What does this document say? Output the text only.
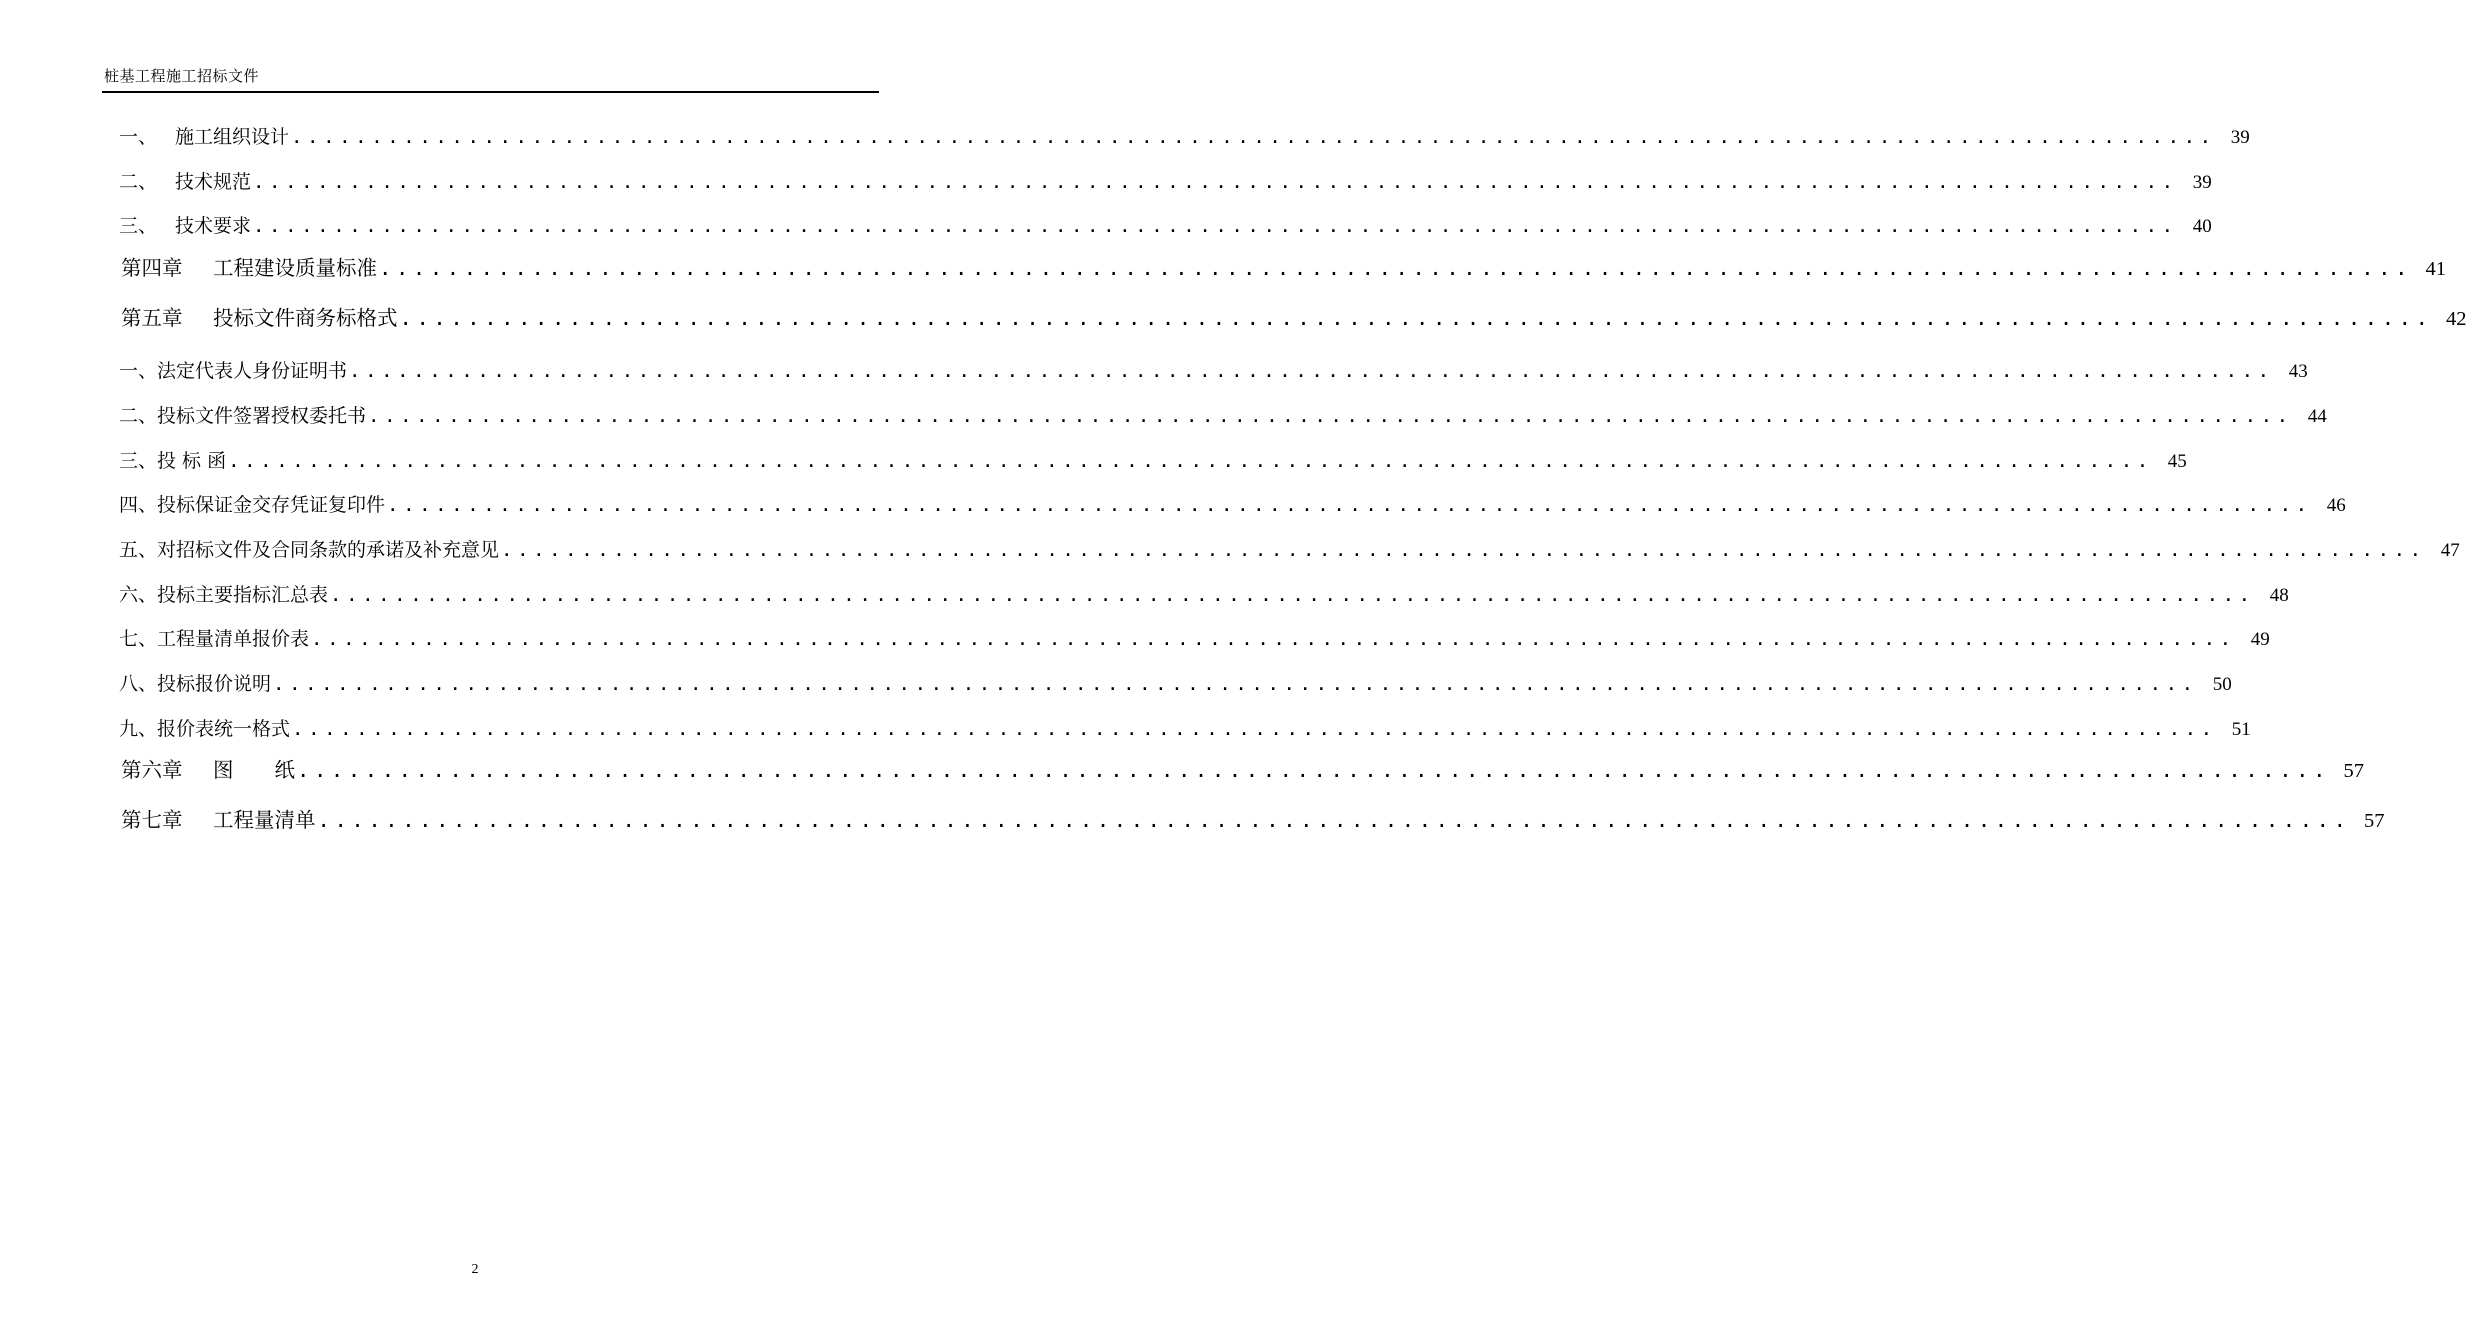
桩基工程施工招标文件
一、 施工组织设计 ........................................................................................................................ 39
二、 技术规范 ........................................................................................................................ 39
三、 技术要求 ........................................................................................................................ 40
第四章	工程建设质量标准 ........................................................................................................................ 41
第五章	投标文件商务标格式 ........................................................................................................................ 42
一、 法定代表人身份证明书 ........................................................................................................................ 43
二、 投标文件签署授权委托书 ........................................................................................................................ 44
三、 投 标 函 ........................................................................................................................ 45
四、 投标保证金交存凭证复印件 ........................................................................................................................ 46
五、 对招标文件及合同条款的承诺及补充意见 ........................................................................................................................ 47
六、 投标主要指标汇总表 ........................................................................................................................ 48
七、 工程量清单报价表 ........................................................................................................................ 49
八、 投标报价说明 ........................................................................................................................ 50
九、 报价表统一格式 ........................................................................................................................ 51
第六章	图　　纸 ........................................................................................................................ 57
第七章	工程量清单 ........................................................................................................................ 57
2
